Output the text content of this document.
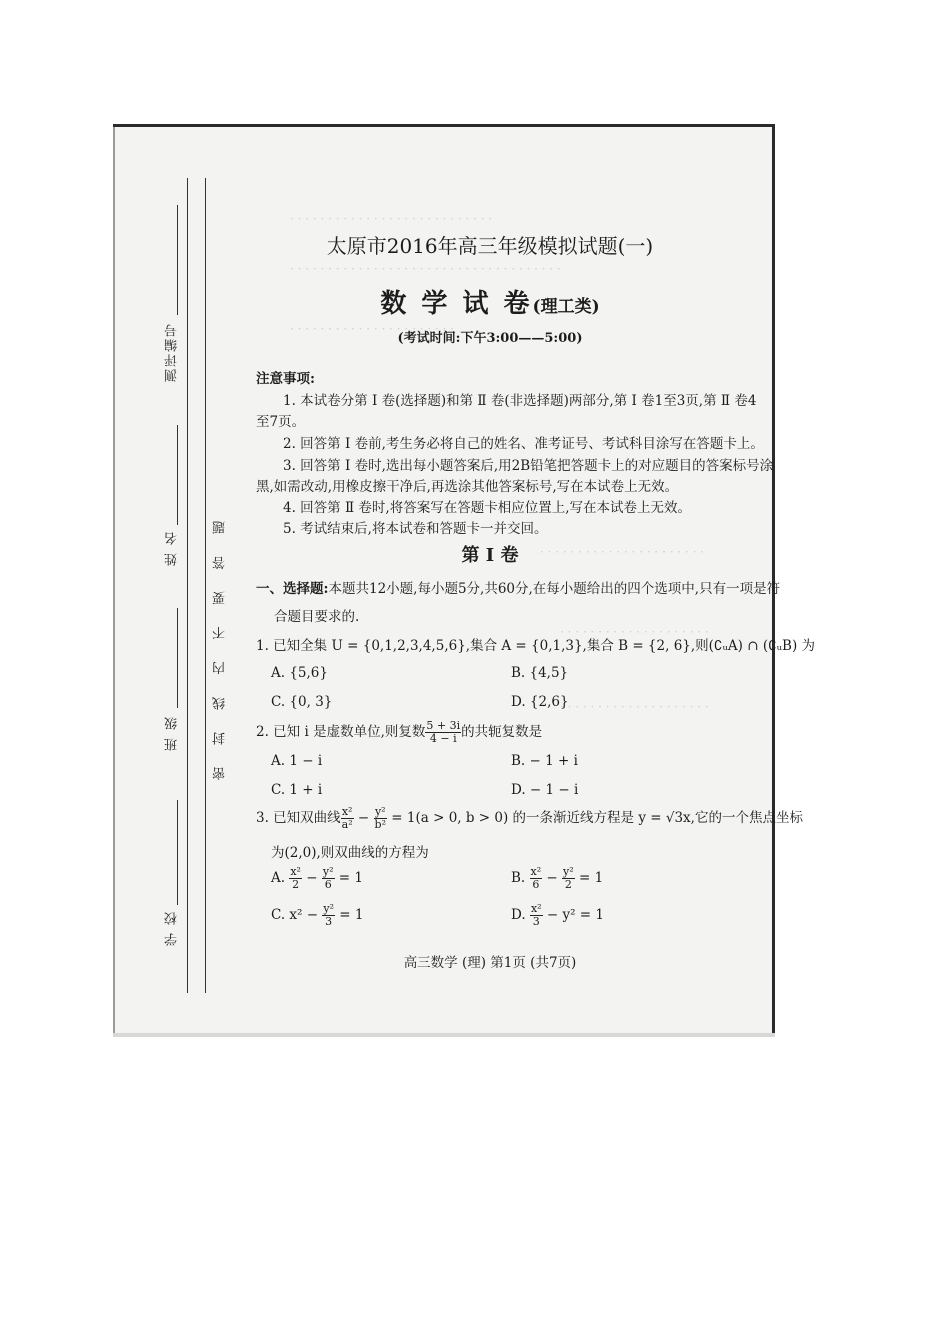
测评编号
姓 名
班 级
学 校
密 封 线 内 不 要 答 题
· · · · · · · · · · · · · · · · · · · · · · · · · · ·
· · · · · · · · · · · · · · · · · · · · · · · · · · · · · · · · · · · ·
· · · · · · · · · · · · · · · · · · · · · ·
· · · · · · · · · · · · · · · · · · · · · ·
· · · · · · · · · · · · · · · · · · · ·
· · · · · · · · · · · · · · · · · · · ·
太原市2016年高三年级模拟试题(一)
数 学 试 卷(理工类)
(考试时间:下午3:00——5:00)
注意事项:
1. 本试卷分第 Ⅰ 卷(选择题)和第 Ⅱ 卷(非选择题)两部分,第 Ⅰ 卷1至3页,第 Ⅱ 卷4
至7页。
2. 回答第 Ⅰ 卷前,考生务必将自己的姓名、准考证号、考试科目涂写在答题卡上。
3. 回答第 Ⅰ 卷时,选出每小题答案后,用2B铅笔把答题卡上的对应题目的答案标号涂
黑,如需改动,用橡皮擦干净后,再选涂其他答案标号,写在本试卷上无效。
4. 回答第 Ⅱ 卷时,将答案写在答题卡相应位置上,写在本试卷上无效。
5. 考试结束后,将本试卷和答题卡一并交回。
第 Ⅰ 卷
一、选择题:本题共12小题,每小题5分,共60分,在每小题给出的四个选项中,只有一项是符
合题目要求的.
1. 已知全集 U = {0,1,2,3,4,5,6},集合 A = {0,1,3},集合 B = {2, 6},则(∁ᵤA) ∩ (∁ᵤB) 为
A. {5,6}	B. {4,5}
C. {0, 3}	D. {2,6}
2. 已知 i 是虚数单位,则复数 $\frac{5 + 3i}{4 - i}$ 的共轭复数是
A. 1 − i	B. − 1 + i
C. 1 + i	D. − 1 − i
3. 已知双曲线 $\frac{\text{x²}}{\text{a²}} - \frac{\text{y²}}{\text{b²}} = 1(a > 0$, b > 0) 的一条渐近线方程是 y = √3x,它的一个焦点坐标
为(2,0),则双曲线的方程为
A. $\frac{\text{x²}}{2} - \frac{\text{y²}}{6} = 1$	B. $\frac{\text{x²}}{6} - \frac{\text{y²}}{2} = 1$
C. $x^2 - \frac{\text{y²}}{3} = 1$	D. $\frac{\text{x²}}{3} - y^2 = 1$
高三数学 (理) 第1页 (共7页)
